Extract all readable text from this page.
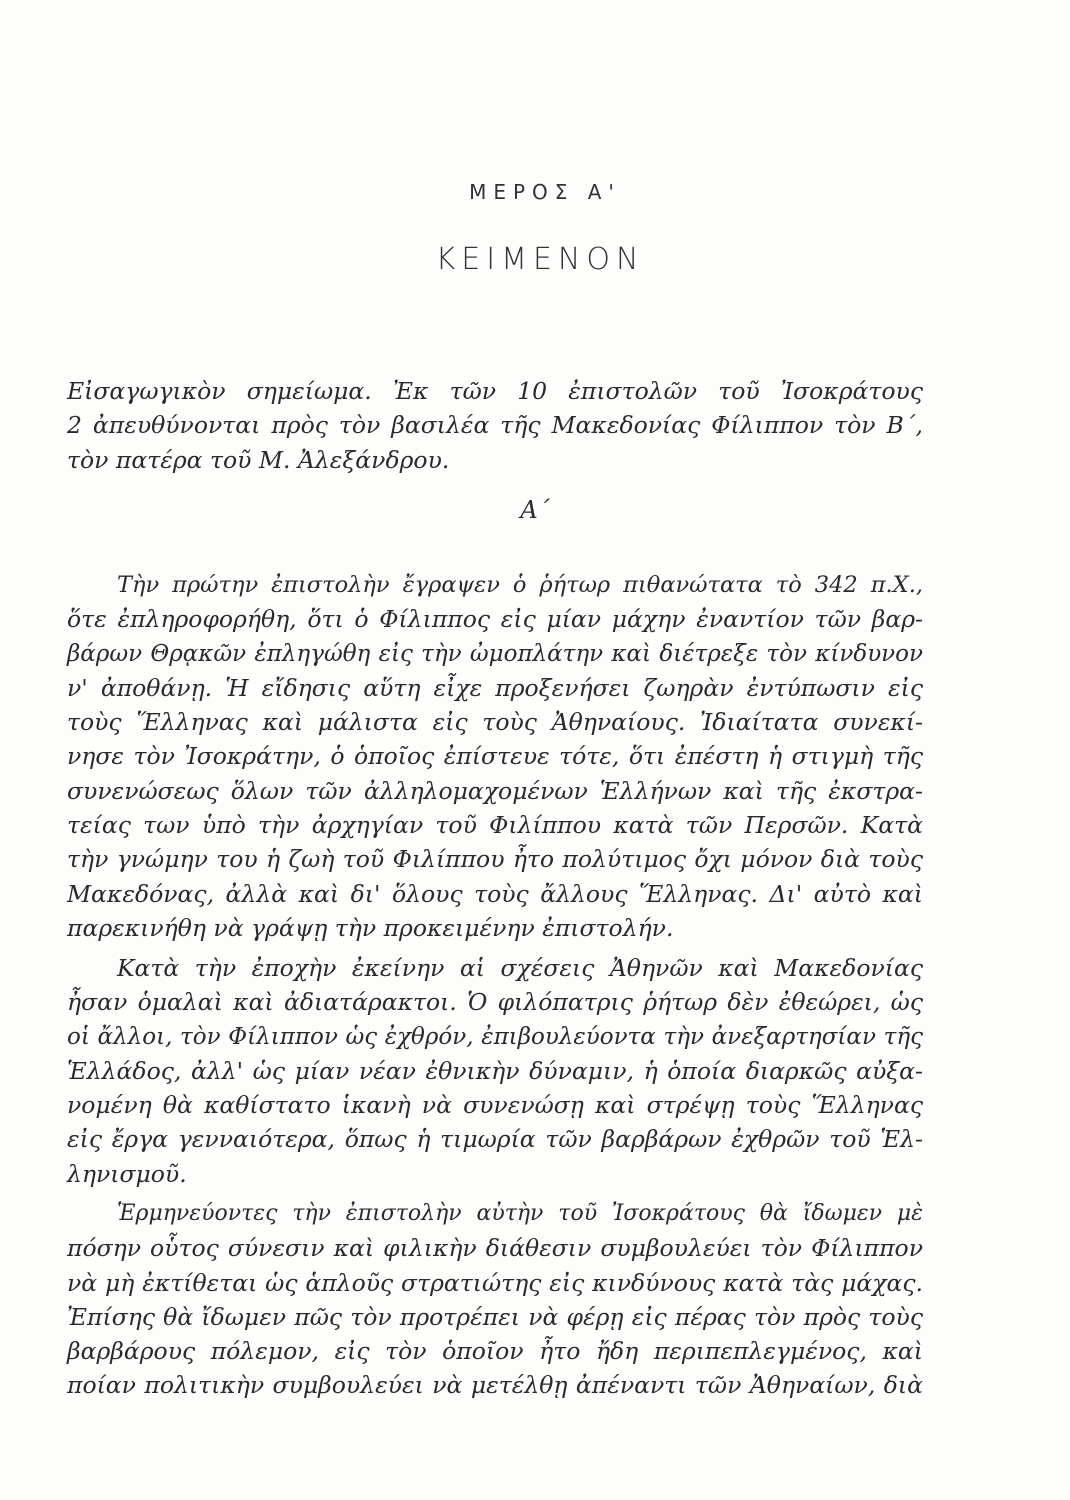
ΜΕΡΟΣ Α'
ΚΕΙΜΕΝΟΝ
Εἰσαγωγικὸν σημείωμα. Ἐκ τῶν 10 ἐπιστολῶν τοῦ Ἰσοκράτους
2 ἀπευθύνονται πρὸς τὸν βασιλέα τῆς Μακεδονίας Φίλιππον τὸν Β΄,
τὸν πατέρα τοῦ Μ. Ἀλεξάνδρου.
Α΄
Τὴν πρώτην ἐπιστολὴν ἔγραψεν ὁ ῥήτωρ πιθανώτατα τὸ 342 π.Χ.,
ὅτε ἐπληροφορήθη, ὅτι ὁ Φίλιππος εἰς μίαν μάχην ἐναντίον τῶν βαρ-
βάρων Θρᾳκῶν ἐπληγώθη εἰς τὴν ὠμοπλάτην καὶ διέτρεξε τὸν κίνδυνον
ν' ἀποθάνῃ. Ἡ εἴδησις αὕτη εἶχε προξενήσει ζωηρὰν ἐντύπωσιν εἰς
τοὺς Ἕλληνας καὶ μάλιστα εἰς τοὺς Ἀθηναίους. Ἰδιαίτατα συνεκί-
νησε τὸν Ἰσοκράτην, ὁ ὁποῖος ἐπίστευε τότε, ὅτι ἐπέστη ἡ στιγμὴ τῆς
συνενώσεως ὅλων τῶν ἀλληλομαχομένων Ἑλλήνων καὶ τῆς ἐκστρα-
τείας των ὑπὸ τὴν ἀρχηγίαν τοῦ Φιλίππου κατὰ τῶν Περσῶν. Κατὰ
τὴν γνώμην του ἡ ζωὴ τοῦ Φιλίππου ἦτο πολύτιμος ὄχι μόνον διὰ τοὺς
Μακεδόνας, ἀλλὰ καὶ δι' ὅλους τοὺς ἄλλους Ἕλληνας. Δι' αὐτὸ καὶ
παρεκινήθη νὰ γράψῃ τὴν προκειμένην ἐπιστολήν.
Κατὰ τὴν ἐποχὴν ἐκείνην αἱ σχέσεις Ἀθηνῶν καὶ Μακεδονίας
ἦσαν ὁμαλαὶ καὶ ἀδιατάρακτοι. Ὁ φιλόπατρις ῥήτωρ δὲν ἐθεώρει, ὡς
οἱ ἄλλοι, τὸν Φίλιππον ὡς ἐχθρόν, ἐπιβουλεύοντα τὴν ἀνεξαρτησίαν τῆς
Ἑλλάδος, ἀλλ' ὡς μίαν νέαν ἐθνικὴν δύναμιν, ἡ ὁποία διαρκῶς αὐξα-
νομένη θὰ καθίστατο ἱκανὴ νὰ συνενώσῃ καὶ στρέψῃ τοὺς Ἕλληνας
εἰς ἔργα γενναιότερα, ὅπως ἡ τιμωρία τῶν βαρβάρων ἐχθρῶν τοῦ Ἑλ-
ληνισμοῦ.
Ἑρμηνεύοντες τὴν ἐπιστολὴν αὐτὴν τοῦ Ἰσοκράτους θὰ ἴδωμεν μὲ
πόσην οὗτος σύνεσιν καὶ φιλικὴν διάθεσιν συμβουλεύει τὸν Φίλιππον
νὰ μὴ ἐκτίθεται ὡς ἁπλοῦς στρατιώτης εἰς κινδύνους κατὰ τὰς μάχας.
Ἐπίσης θὰ ἴδωμεν πῶς τὸν προτρέπει νὰ φέρῃ εἰς πέρας τὸν πρὸς τοὺς
βαρβάρους πόλεμον, εἰς τὸν ὁποῖον ἦτο ἤδη περιπεπλεγμένος, καὶ
ποίαν πολιτικὴν συμβουλεύει νὰ μετέλθῃ ἀπέναντι τῶν Ἀθηναίων, διὰ
